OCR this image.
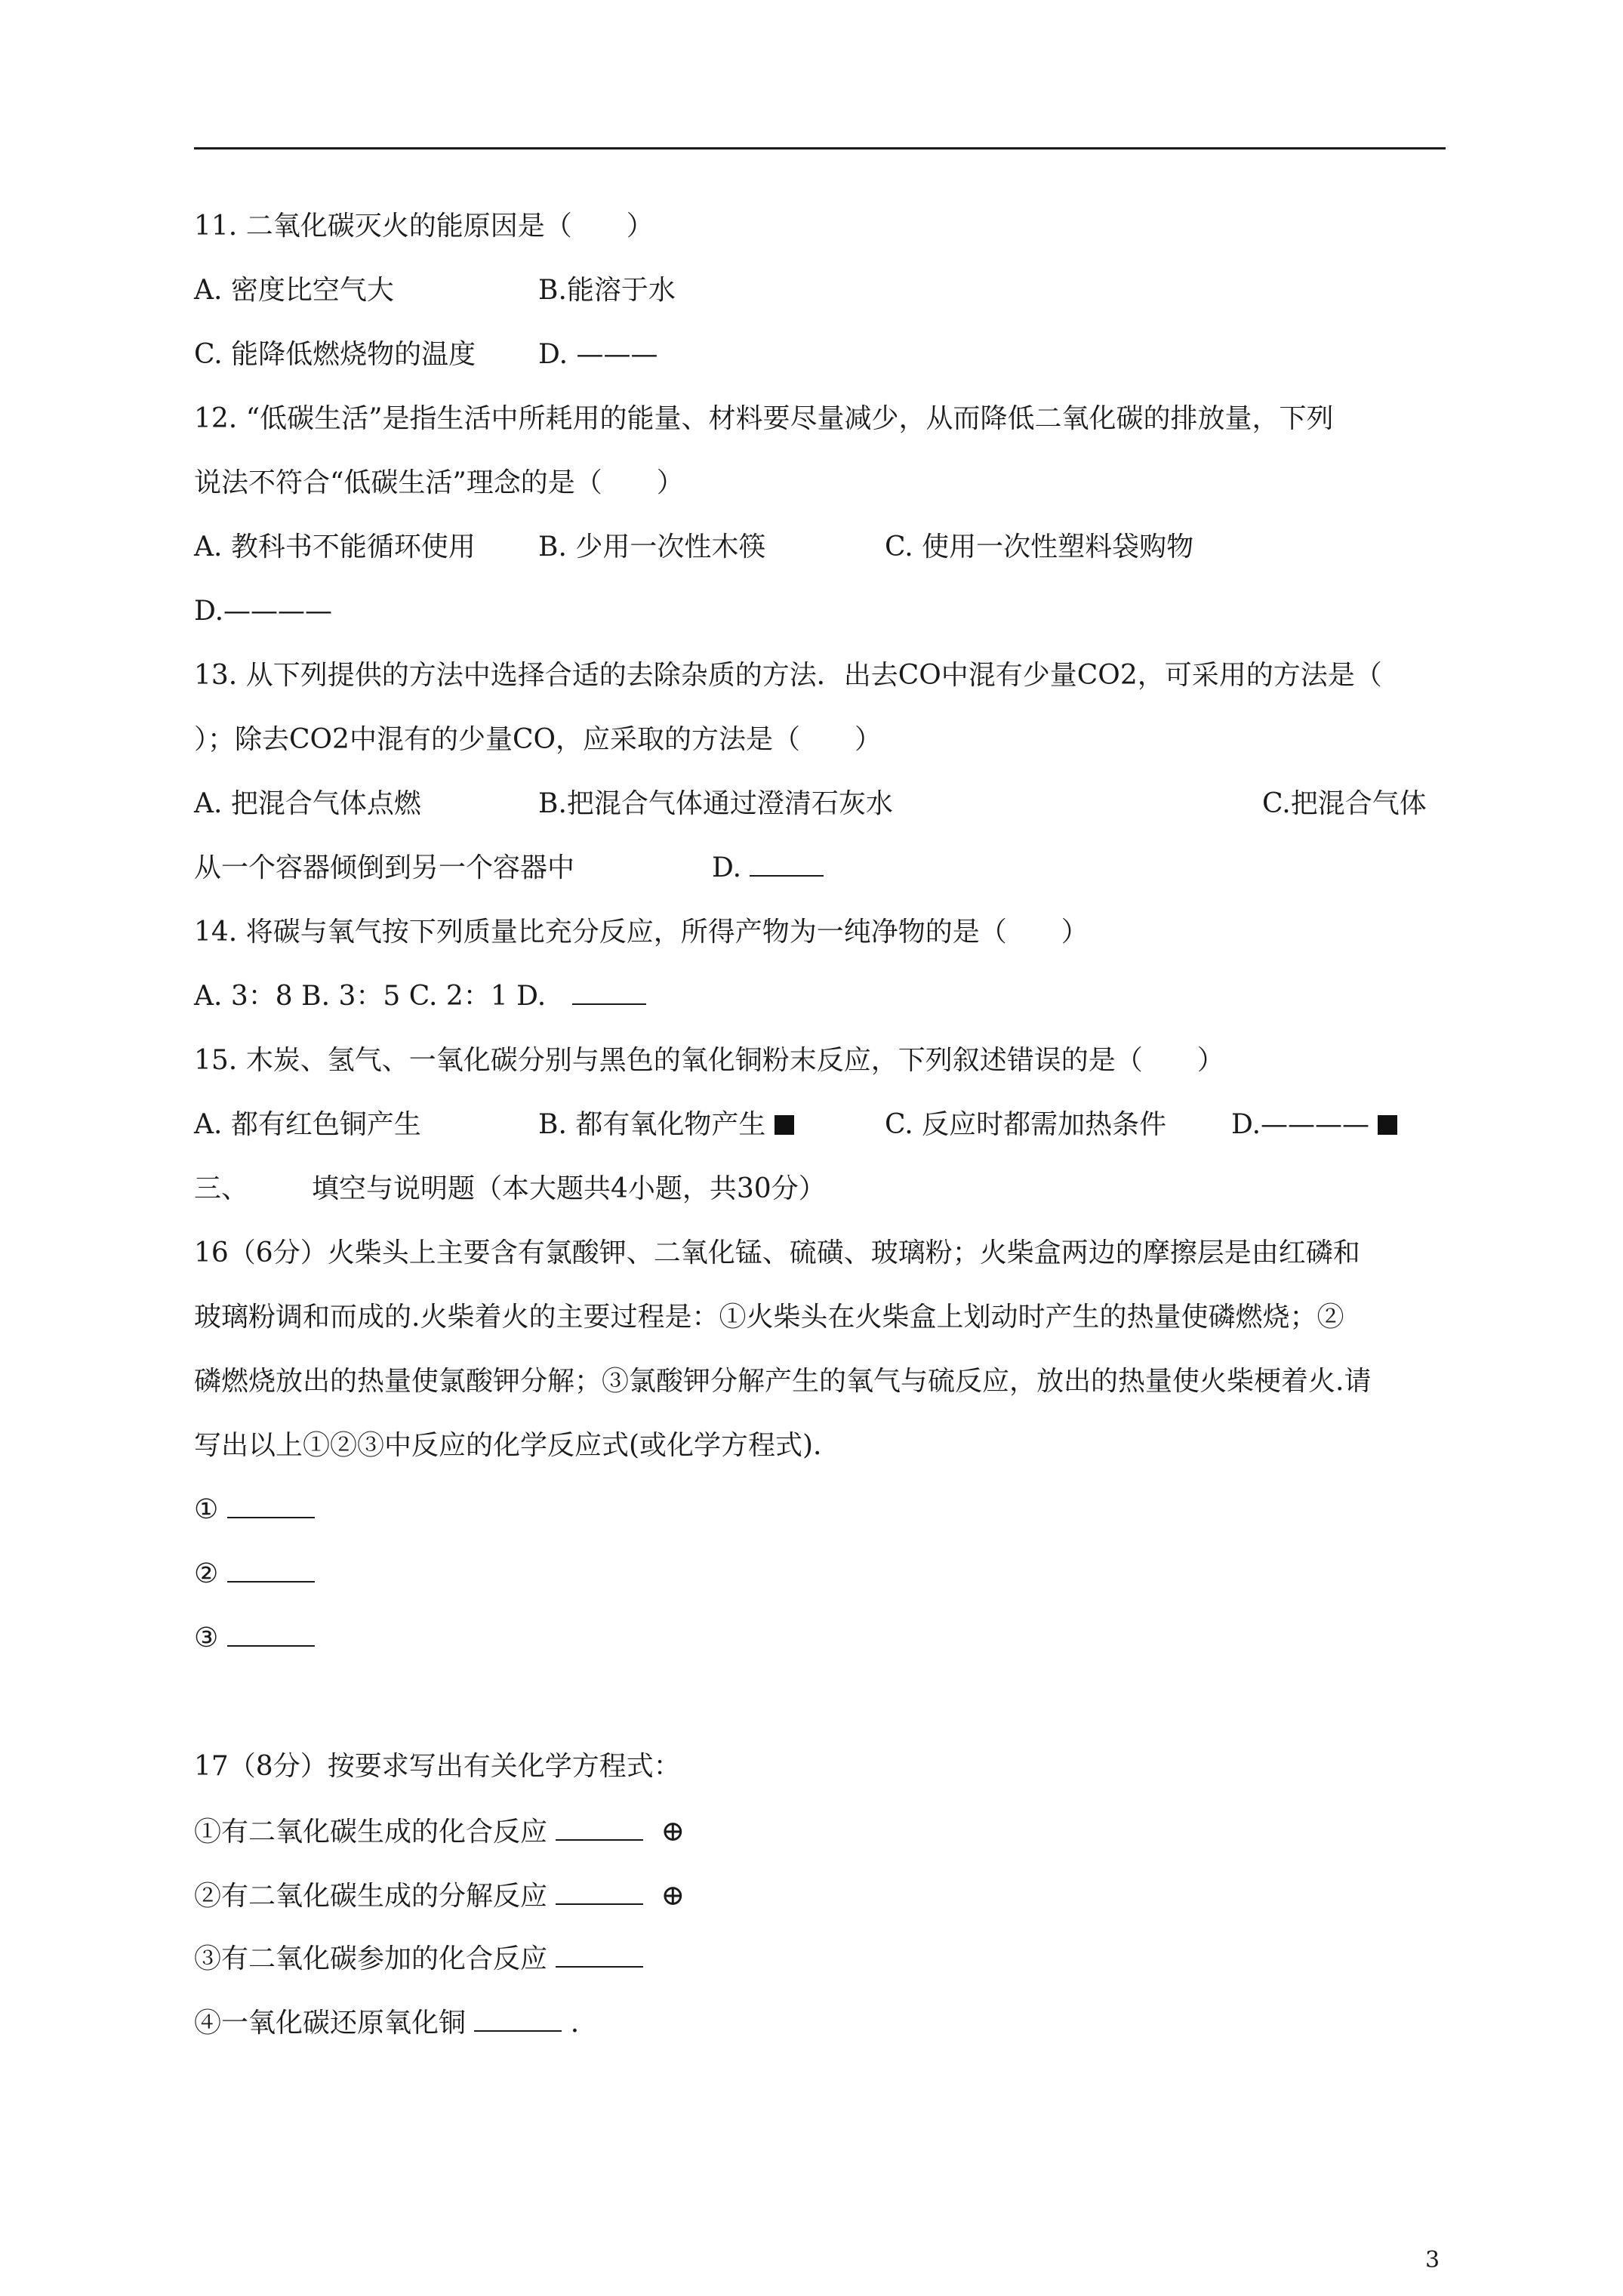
11. 二氧化碳灭火的能原因是（　　）
A. 密度比空气大	B.能溶于水
C. 能降低燃烧物的温度 D. ———
12. “低碳生活”是指生活中所耗用的能量、材料要尽量减少，从而降低二氧化碳的排放量，下列
说法不符合“低碳生活”理念的是（　　）
A. 教科书不能循环使用 B. 少用一次性木筷	C. 使用一次性塑料袋购物
D.————
13. 从下列提供的方法中选择合适的去除杂质的方法．出去CO中混有少量CO2，可采用的方法是（
）；除去CO2中混有的少量CO，应采取的方法是（　　）
A. 把混合气体点燃	B.把混合气体通过澄清石灰水	C.把混合气体
从一个容器倾倒到另一个容器中	D.
14. 将碳与氧气按下列质量比充分反应，所得产物为一纯净物的是（　　）
A. 3：8 B. 3：5 C. 2：1 D.
15. 木炭、氢气、一氧化碳分别与黑色的氧化铜粉末反应，下列叙述错误的是（　　）
A. 都有红色铜产生	B. 都有氧化物产生	C. 反应时都需加热条件 D.————
三、 填空与说明题（本大题共4小题，共30分）
16（6分）火柴头上主要含有氯酸钾、二氧化锰、硫磺、玻璃粉；火柴盒两边的摩擦层是由红磷和
玻璃粉调和而成的.火柴着火的主要过程是：①火柴头在火柴盒上划动时产生的热量使磷燃烧；②
磷燃烧放出的热量使氯酸钾分解；③氯酸钾分解产生的氧气与硫反应，放出的热量使火柴梗着火.请
写出以上①②③中反应的化学反应式(或化学方程式)．
①
②
③
17（8分）按要求写出有关化学方程式：
①有二氧化碳生成的化合反应	⊕
②有二氧化碳生成的分解反应	⊕
③有二氧化碳参加的化合反应
④一氧化碳还原氧化铜	．
3
